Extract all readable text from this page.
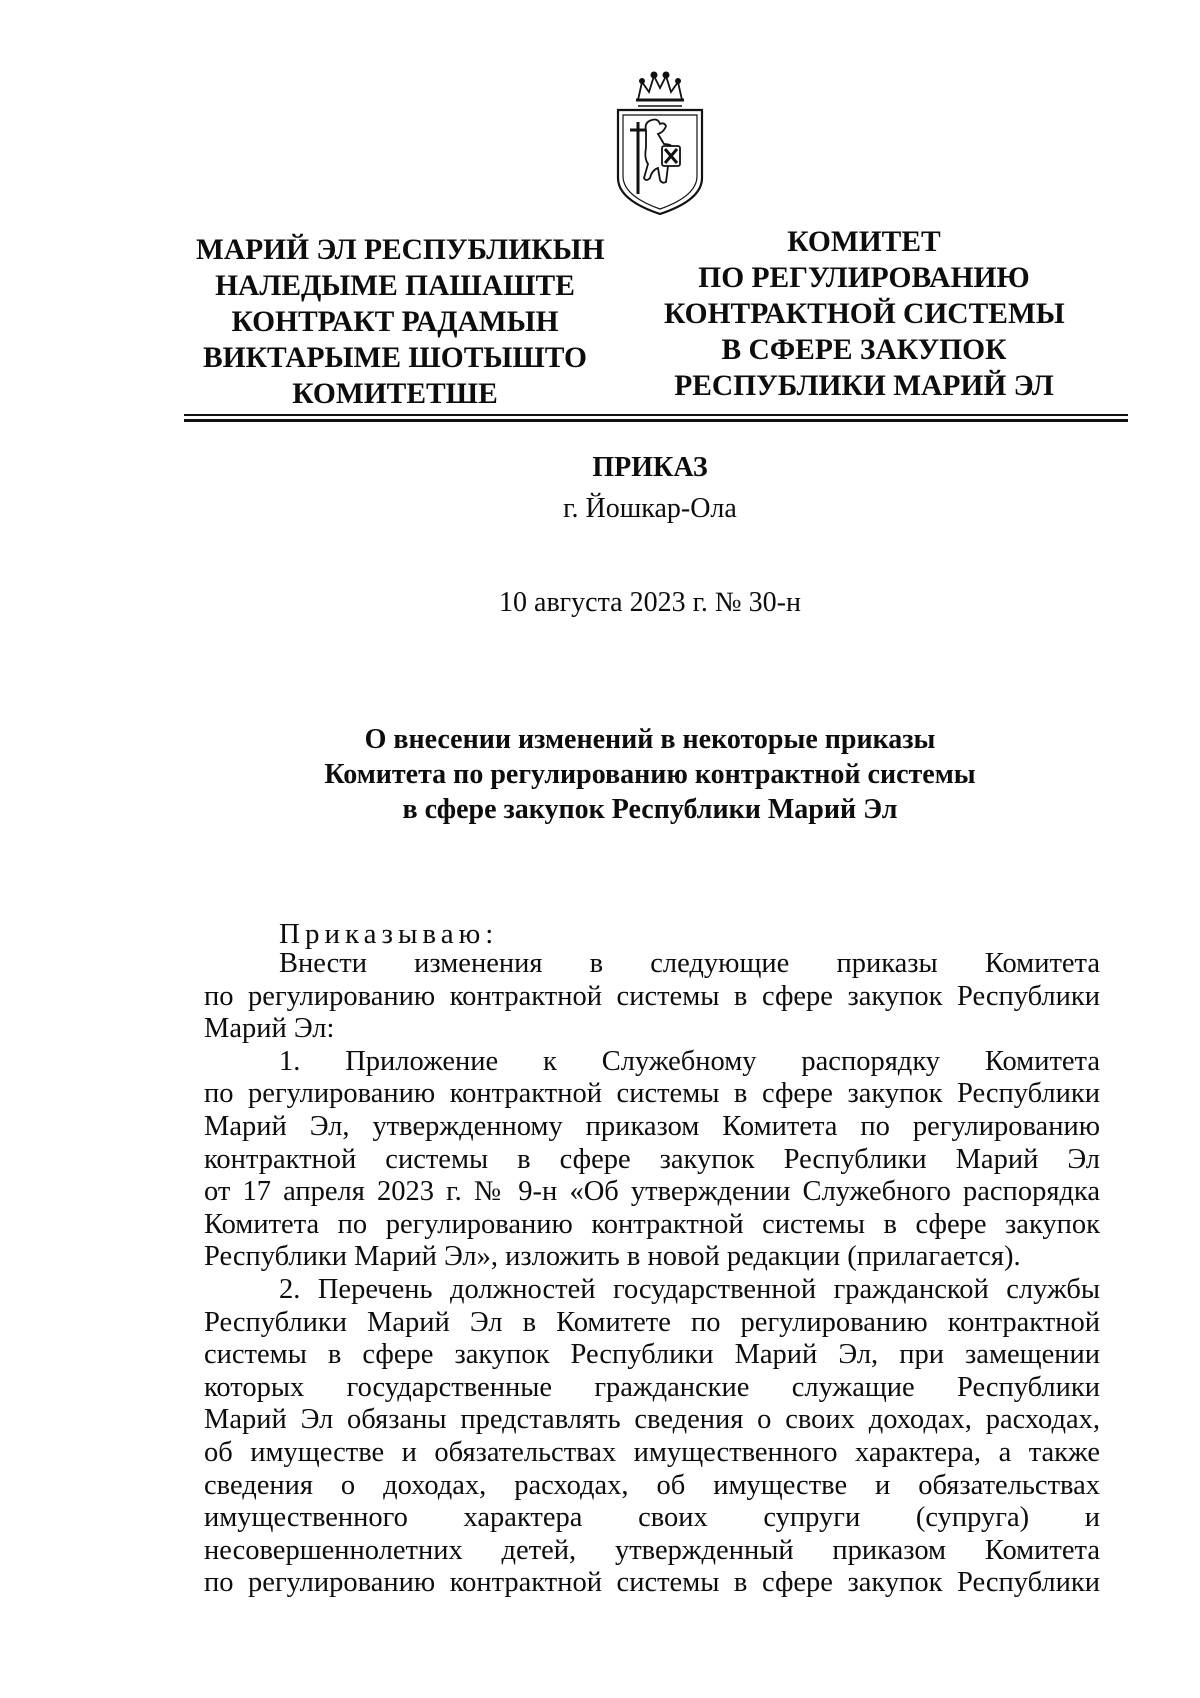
МАРИЙ ЭЛ РЕСПУБЛИКЫН
НАЛЕДЫМЕ ПАШАШТЕ
КОНТРАКТ РАДАМЫН
ВИКТАРЫМЕ ШОТЫШТО
КОМИТЕТШЕ
КОМИТЕТ
ПО РЕГУЛИРОВАНИЮ
КОНТРАКТНОЙ СИСТЕМЫ
В СФЕРЕ ЗАКУПОК
РЕСПУБЛИКИ МАРИЙ ЭЛ
ПРИКАЗ
г. Йошкар-Ола
10 августа 2023 г. № 30-н
О внесении изменений в некоторые приказы
Комитета по регулированию контрактной системы
в сфере закупок Республики Марий Эл
Приказываю:
Внести изменения в следующие приказы Комитета
по регулированию контрактной системы в сфере закупок Республики
Марий Эл:
1. Приложение к Служебному распорядку Комитета
по регулированию контрактной системы в сфере закупок Республики
Марий Эл, утвержденному приказом Комитета по регулированию
контрактной системы в сфере закупок Республики Марий Эл
от 17 апреля 2023 г. № 9-н «Об утверждении Служебного распорядка
Комитета по регулированию контрактной системы в сфере закупок
Республики Марий Эл», изложить в новой редакции (прилагается).
2. Перечень должностей государственной гражданской службы
Республики Марий Эл в Комитете по регулированию контрактной
системы в сфере закупок Республики Марий Эл, при замещении
которых государственные гражданские служащие Республики
Марий Эл обязаны представлять сведения о своих доходах, расходах,
об имуществе и обязательствах имущественного характера, а также
сведения о доходах, расходах, об имуществе и обязательствах
имущественного характера своих супруги (супруга) и
несовершеннолетних детей, утвержденный приказом Комитета
по регулированию контрактной системы в сфере закупок Республики
